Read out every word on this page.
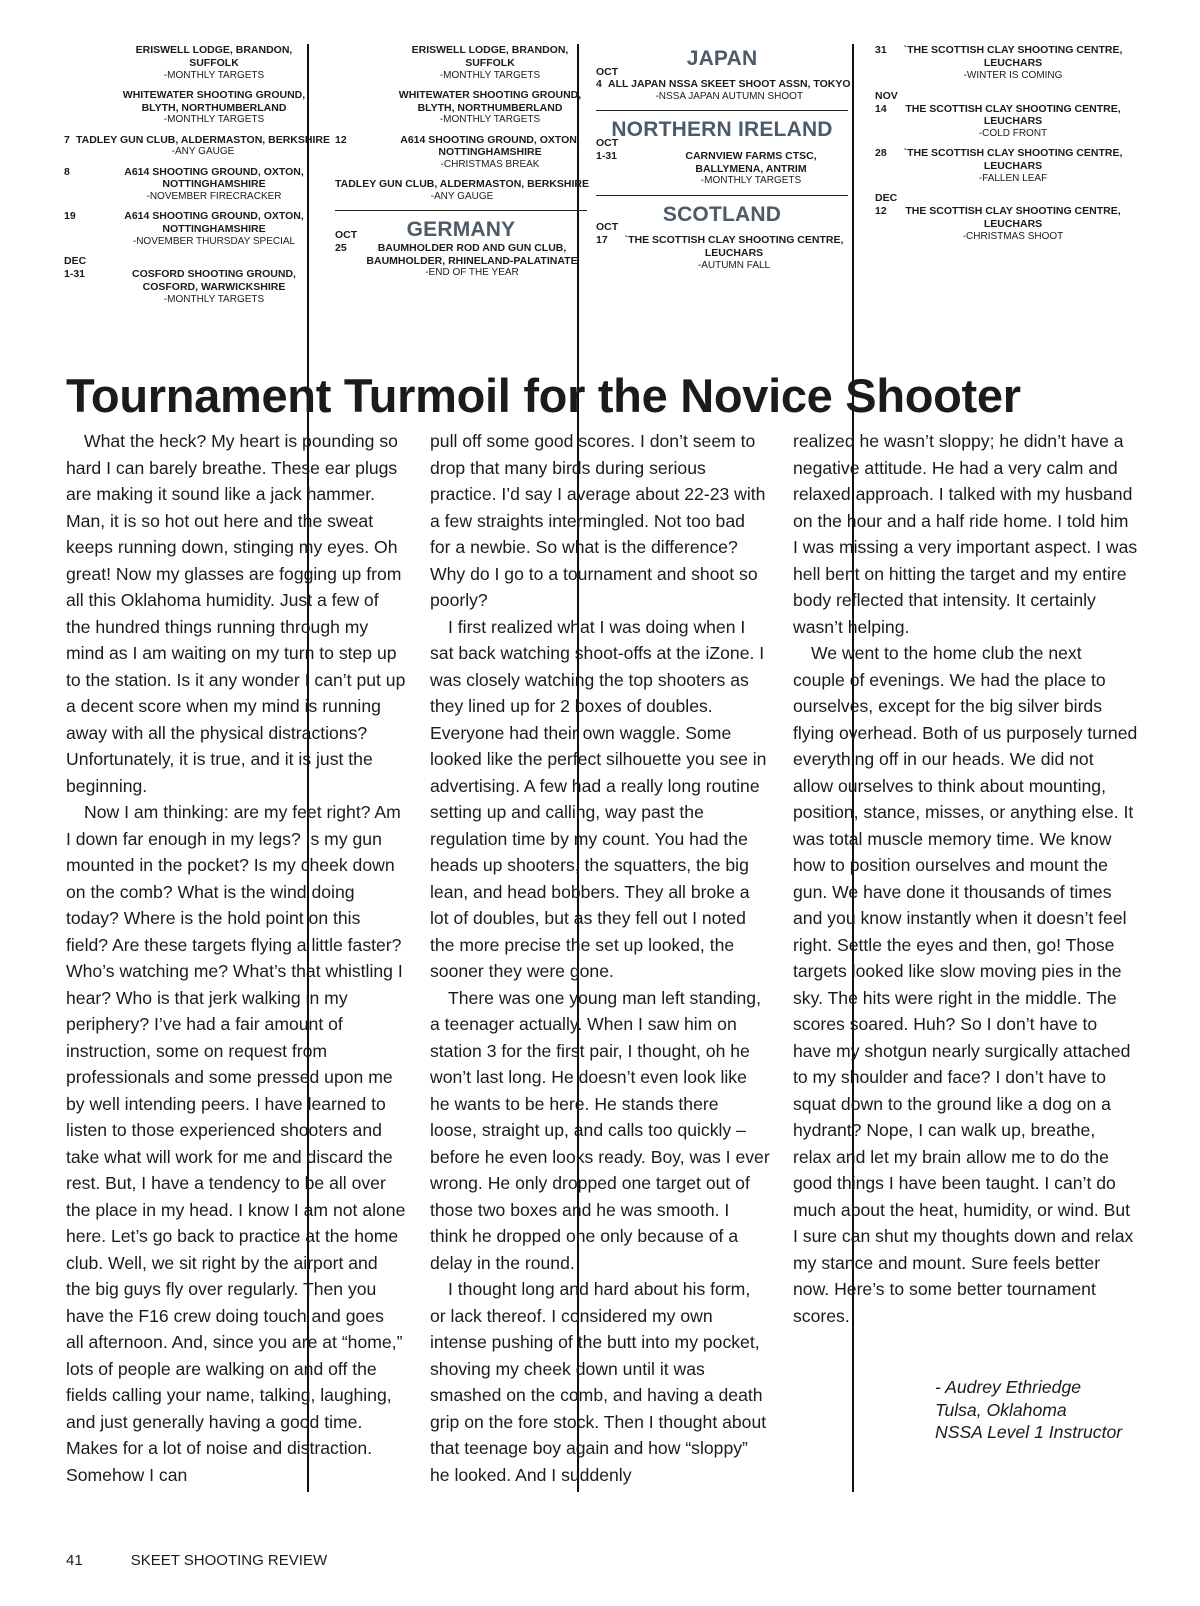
ERISWELL LODGE, BRANDON, SUFFOLK
-MONTHLY TARGETS
WHITEWATER SHOOTING GROUND, BLYTH, NORTHUMBERLAND
-MONTHLY TARGETS
7 TADLEY GUN CLUB, ALDERMASTON, BERKSHIRE
-ANY GAUGE
8	A614 SHOOTING GROUND, OXTON, NOTTINGHAMSHIRE
-NOVEMBER FIRECRACKER
19	A614 SHOOTING GROUND, OXTON, NOTTINGHAMSHIRE
-NOVEMBER THURSDAY SPECIAL
DEC
1-31	COSFORD SHOOTING GROUND, COSFORD, WARWICKSHIRE
-MONTHLY TARGETS
ERISWELL LODGE, BRANDON, SUFFOLK
-MONTHLY TARGETS
WHITEWATER SHOOTING GROUND, BLYTH, NORTHUMBERLAND
-MONTHLY TARGETS
12	A614 SHOOTING GROUND, OXTON, NOTTINGHAMSHIRE
-CHRISTMAS BREAK
TADLEY GUN CLUB, ALDERMASTON, BERKSHIRE
-ANY GAUGE
GERMANY
OCT
25	BAUMHOLDER ROD AND GUN CLUB, BAUMHOLDER, RHINELAND-PALATINATE
-END OF THE YEAR
JAPAN
OCT
4 ALL JAPAN NSSA SKEET SHOOT ASSN, TOKYO
-NSSA JAPAN AUTUMN SHOOT
NORTHERN IRELAND
OCT
1-31	CARNVIEW FARMS CTSC, BALLYMENA, ANTRIM
-MONTHLY TARGETS
SCOTLAND
OCT
17	`THE SCOTTISH CLAY SHOOTING CENTRE, LEUCHARS
-AUTUMN FALL
31	`THE SCOTTISH CLAY SHOOTING CENTRE, LEUCHARS
-WINTER IS COMING
NOV
14	THE SCOTTISH CLAY SHOOTING CENTRE, LEUCHARS
-COLD FRONT
28	`THE SCOTTISH CLAY SHOOTING CENTRE, LEUCHARS
-FALLEN LEAF
DEC
12	THE SCOTTISH CLAY SHOOTING CENTRE, LEUCHARS
-CHRISTMAS SHOOT
Tournament Turmoil for the Novice Shooter

What the heck? My heart is pounding so hard I can barely breathe. These ear plugs are making it sound like a jack hammer. Man, it is so hot out here and the sweat keeps running down, stinging my eyes. Oh great! Now my glasses are fogging up from all this Oklahoma humidity. Just a few of the hundred things running through my mind as I am waiting on my turn to step up to the station. Is it any wonder I can’t put up a decent score when my mind is running away with all the physical distractions? Unfortunately, it is true, and it is just the beginning.

Now I am thinking: are my feet right? Am I down far enough in my legs? Is my gun mounted in the pocket? Is my cheek down on the comb? What is the wind doing today? Where is the hold point on this field? Are these targets flying a little faster? Who’s watching me? What’s that whistling I hear? Who is that jerk walking in my periphery? I’ve had a fair amount of instruction, some on request from professionals and some pressed upon me by well intending peers. I have learned to listen to those experienced shooters and take what will work for me and discard the rest. But, I have a tendency to be all over the place in my head. I know I am not alone here. Let’s go back to practice at the home club. Well, we sit right by the airport and the big guys fly over regularly. Then you have the F16 crew doing touch and goes all afternoon. And, since you are at “home,” lots of people are walking on and off the fields calling your name, talking, laughing, and just generally having a good time. Makes for a lot of noise and distraction. Somehow I can

pull off some good scores. I don’t seem to drop that many birds during serious practice. I’d say I average about 22-23 with a few straights intermingled. Not too bad for a newbie. So what is the difference? Why do I go to a tournament and shoot so poorly?

I first realized what I was doing when I sat back watching shoot-offs at the iZone. I was closely watching the top shooters as they lined up for 2 boxes of doubles. Everyone had their own waggle. Some looked like the perfect silhouette you see in advertising. A few had a really long routine setting up and calling, way past the regulation time by my count. You had the heads up shooters, the squatters, the big lean, and head bobbers. They all broke a lot of doubles, but as they fell out I noted the more precise the set up looked, the sooner they were gone.

There was one young man left standing, a teenager actually. When I saw him on station 3 for the first pair, I thought, oh he won’t last long. He doesn’t even look like he wants to be here. He stands there loose, straight up, and calls too quickly – before he even looks ready. Boy, was I ever wrong. He only dropped one target out of those two boxes and he was smooth. I think he dropped one only because of a delay in the round.

I thought long and hard about his form, or lack thereof. I considered my own intense pushing of the butt into my pocket, shoving my cheek down until it was smashed on the comb, and having a death grip on the fore stock. Then I thought about that teenage boy again and how “sloppy” he looked. And I suddenly

realized he wasn’t sloppy; he didn’t have a negative attitude. He had a very calm and relaxed approach. I talked with my husband on the hour and a half ride home. I told him I was missing a very important aspect. I was hell bent on hitting the target and my entire body reflected that intensity. It certainly wasn’t helping.

We went to the home club the next couple of evenings. We had the place to ourselves, except for the big silver birds flying overhead. Both of us purposely turned everything off in our heads. We did not allow ourselves to think about mounting, position, stance, misses, or anything else. It was total muscle memory time. We know how to position ourselves and mount the gun. We have done it thousands of times and you know instantly when it doesn’t feel right. Settle the eyes and then, go! Those targets looked like slow moving pies in the sky. The hits were right in the middle. The scores soared. Huh? So I don’t have to have my shotgun nearly surgically attached to my shoulder and face? I don’t have to squat down to the ground like a dog on a hydrant? Nope, I can walk up, breathe, relax and let my brain allow me to do the good things I have been taught. I can’t do much about the heat, humidity, or wind. But I sure can shut my thoughts down and relax my stance and mount. Sure feels better now. Here’s to some better tournament scores.

- Audrey Ethriedge
Tulsa, Oklahoma
NSSA Level 1 Instructor
41	SKEET SHOOTING REVIEW
